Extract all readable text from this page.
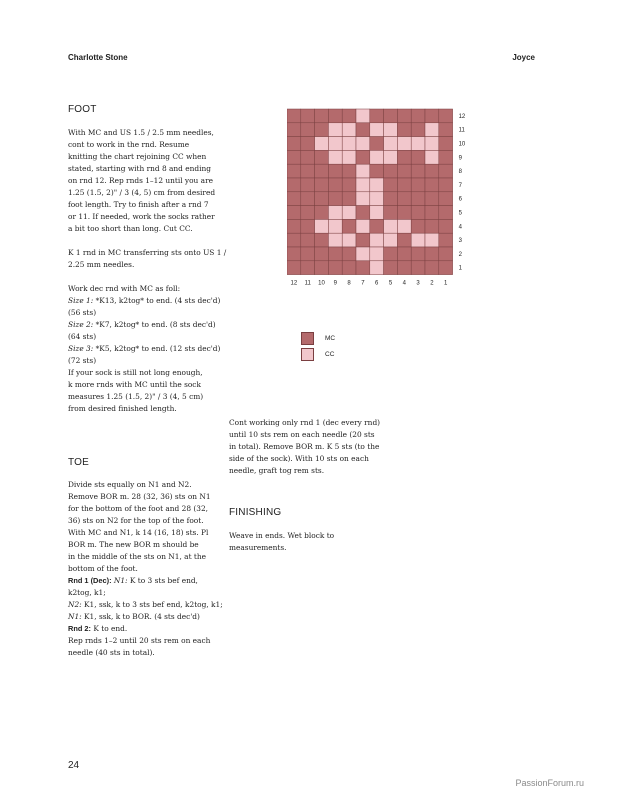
Charlotte Stone	Joyce
FOOT

With MC and US 1.5 / 2.5 mm needles,

cont to work in the rnd. Resume

knitting the chart rejoining CC when

stated, starting with rnd 8 and ending

on rnd 12. Rep rnds 1–12 until you are

1.25 (1.5, 2)" / 3 (4, 5) cm from desired

foot length. Try to finish after a rnd 7

or 11. If needed, work the socks rather

a bit too short than long. Cut CC.

K 1 rnd in MC transferring sts onto US 1 /

2.25 mm needles.

Work dec rnd with MC as foll:

Size 1: *K13, k2tog* to end. (4 sts dec'd)

(56 sts)

Size 2: *K7, k2tog* to end. (8 sts dec'd)

(64 sts)

Size 3: *K5, k2tog* to end. (12 sts dec'd)

(72 sts)

If your sock is still not long enough,

k more rnds with MC until the sock

measures 1.25 (1.5, 2)" / 3 (4, 5 cm)

from desired finished length.

TOE

Divide sts equally on N1 and N2.

Remove BOR m. 28 (32, 36) sts on N1

for the bottom of the foot and 28 (32,

36) sts on N2 for the top of the foot.

With MC and N1, k 14 (16, 18) sts. Pl

BOR m. The new BOR m should be

in the middle of the sts on N1, at the

bottom of the foot.

Rnd 1 (Dec): N1: K to 3 sts bef end,

k2tog, k1;

N2: K1, ssk, k to 3 sts bef end, k2tog, k1;

N1: K1, ssk, k to BOR. (4 sts dec'd)

Rnd 2: K to end.

Rep rnds 1–2 until 20 sts rem on each

needle (40 sts in total).

12
11
10
9
8
7
6
5
4
3
2
1
12 11 10 9 8 7 6 5 4 3 2 1
MC
CC

Cont working only rnd 1 (dec every rnd)

until 10 sts rem on each needle (20 sts

in total). Remove BOR m. K 5 sts (to the

side of the sock). With 10 sts on each

needle, graft tog rem sts.

FINISHING

Weave in ends. Wet block to

measurements.

24
PassionForum.ru
